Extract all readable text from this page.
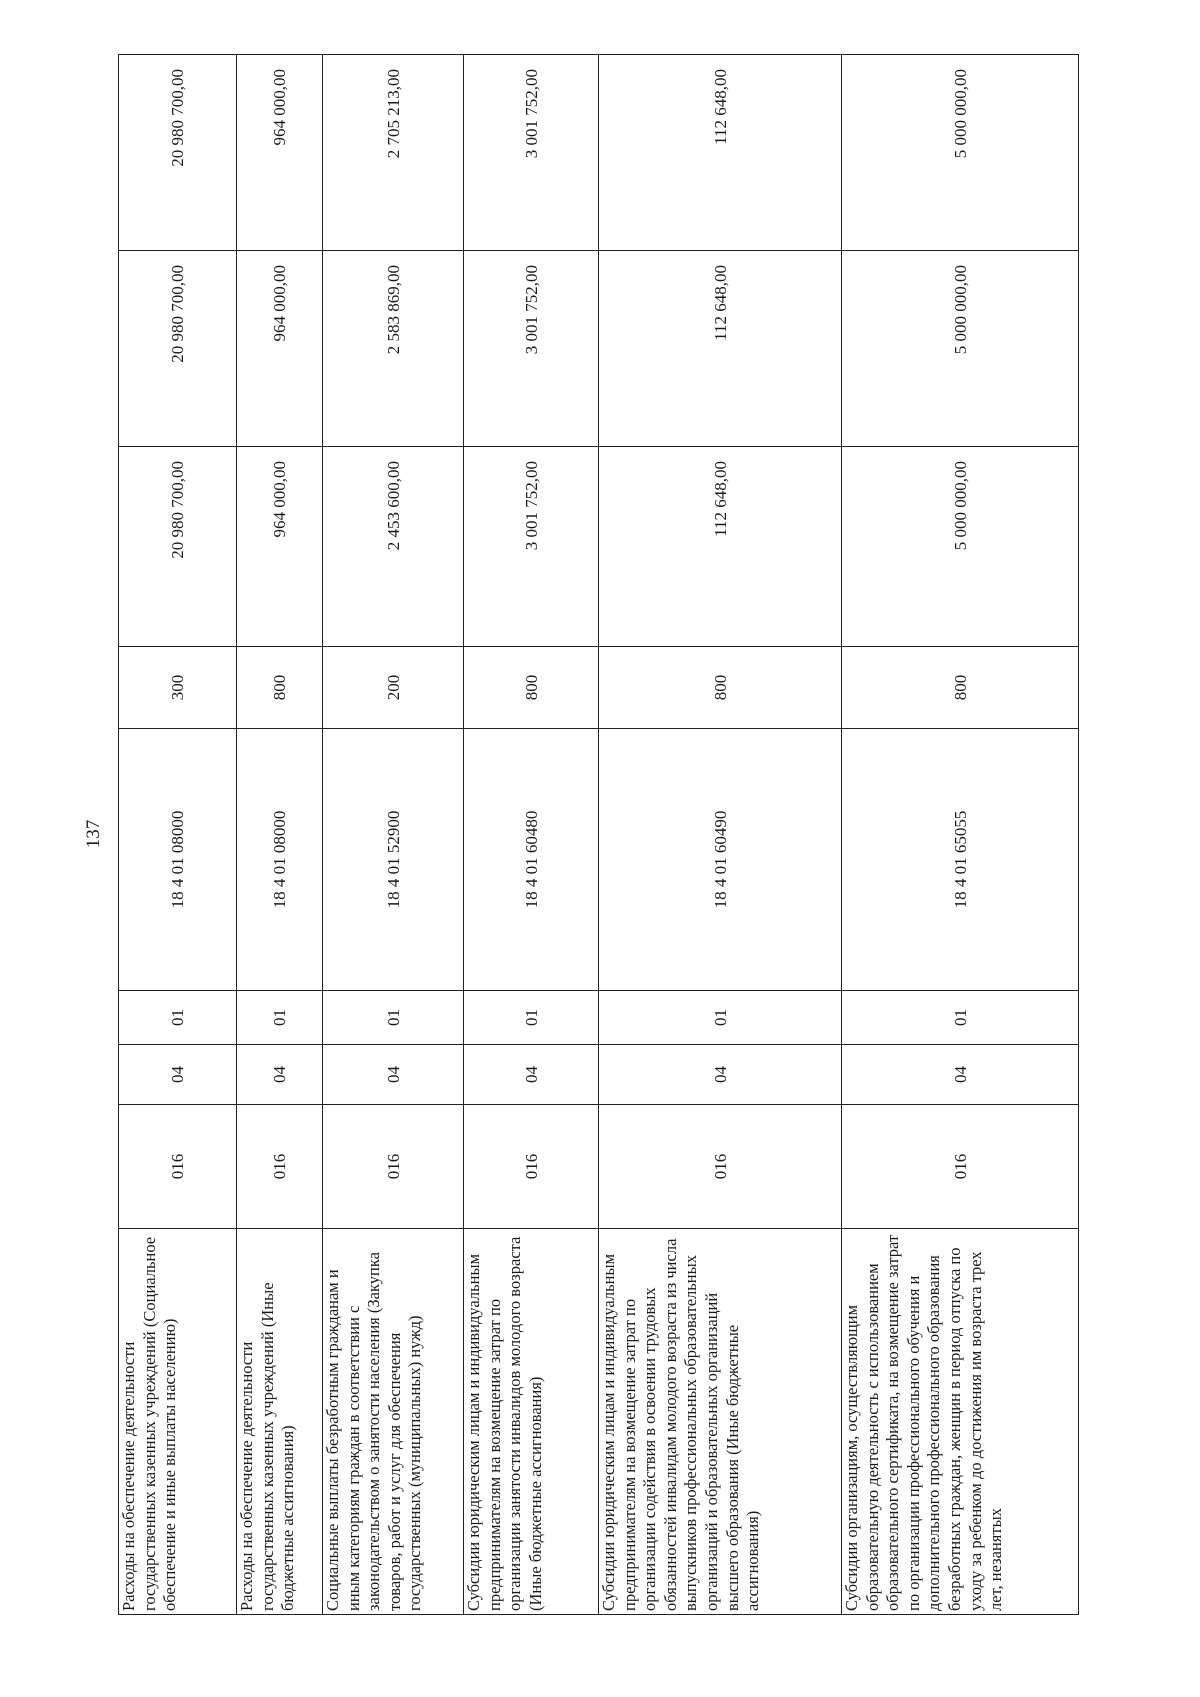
137
Расходы на обеспечение деятельности государственных казенных учреждений (Социальное обеспечение и иные выплаты населению)	016	04	01	18 4 01 08000	300	20 980 700,00	20 980 700,00	20 980 700,00
Расходы на обеспечение деятельности государственных казенных учреждений (Иные бюджетные ассигнования)	016	04	01	18 4 01 08000	800	964 000,00	964 000,00	964 000,00
Социальные выплаты безработным гражданам и иным категориям граждан в соответствии с законодательством о занятости населения (Закупка товаров, работ и услуг для обеспечения государственных (муниципальных) нужд)	016	04	01	18 4 01 52900	200	2 453 600,00	2 583 869,00	2 705 213,00
Субсидии юридическим лицам и индивидуальным предпринимателям на возмещение затрат по организации занятости инвалидов молодого возраста (Иные бюджетные ассигнования)	016	04	01	18 4 01 60480	800	3 001 752,00	3 001 752,00	3 001 752,00
Субсидии юридическим лицам и индивидуальным предпринимателям на возмещение затрат по организации содействия в освоении трудовых обязанностей инвалидам молодого возраста из числа выпускников профессиональных образовательных организаций и образовательных организаций высшего образования (Иные бюджетные ассигнования)	016	04	01	18 4 01 60490	800	112 648,00	112 648,00	112 648,00
Субсидии организациям, осуществляющим образовательную деятельность с использованием образовательного сертификата, на возмещение затрат по организации профессионального обучения и дополнительного профессионального образования безработных граждан, женщин в период отпуска по уходу за ребенком до достижения им возраста трех лет, незанятых	016	04	01	18 4 01 65055	800	5 000 000,00	5 000 000,00	5 000 000,00
